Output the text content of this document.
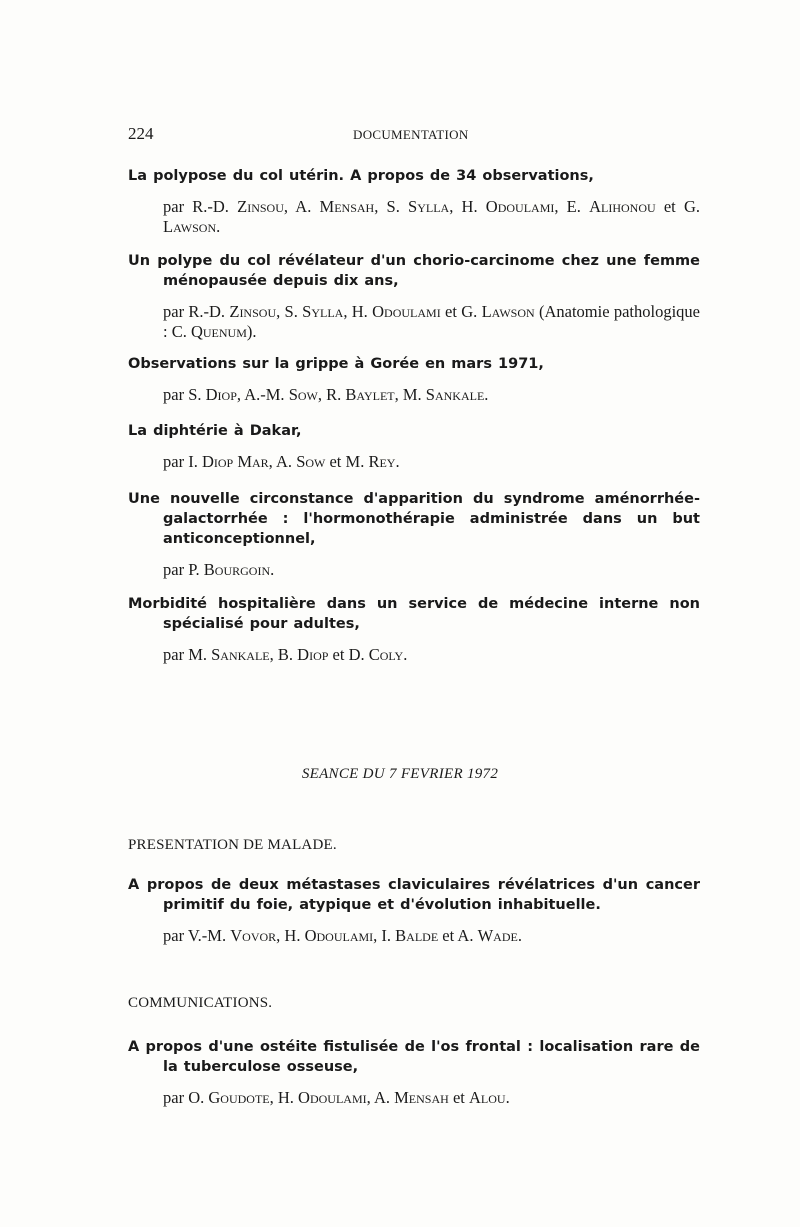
224	DOCUMENTATION
La polypose du col utérin. A propos de 34 observations,
par R.-D. Zinsou, A. Mensah, S. Sylla, H. Odoulami, E. Alihonou et G. Lawson.
Un polype du col révélateur d'un chorio-carcinome chez une femme ménopausée depuis dix ans,
par R.-D. Zinsou, S. Sylla, H. Odoulami et G. Lawson (Anatomie pathologique : C. Quenum).
Observations sur la grippe à Gorée en mars 1971,
par S. Diop, A.-M. Sow, R. Baylet, M. Sankale.
La diphtérie à Dakar,
par I. Diop Mar, A. Sow et M. Rey.
Une nouvelle circonstance d'apparition du syndrome aménorrhée-galactorrhée : l'hormonothérapie administrée dans un but anticonceptionnel,
par P. Bourgoin.
Morbidité hospitalière dans un service de médecine interne non spécialisé pour adultes,
par M. Sankale, B. Diop et D. Coly.
SEANCE DU 7 FEVRIER 1972
PRESENTATION DE MALADE.
A propos de deux métastases claviculaires révélatrices d'un cancer primitif du foie, atypique et d'évolution inhabituelle.
par V.-M. Vovor, H. Odoulami, I. Balde et A. Wade.
COMMUNICATIONS.
A propos d'une ostéite fistulisée de l'os frontal : localisation rare de la tuberculose osseuse,
par O. Goudote, H. Odoulami, A. Mensah et Alou.
